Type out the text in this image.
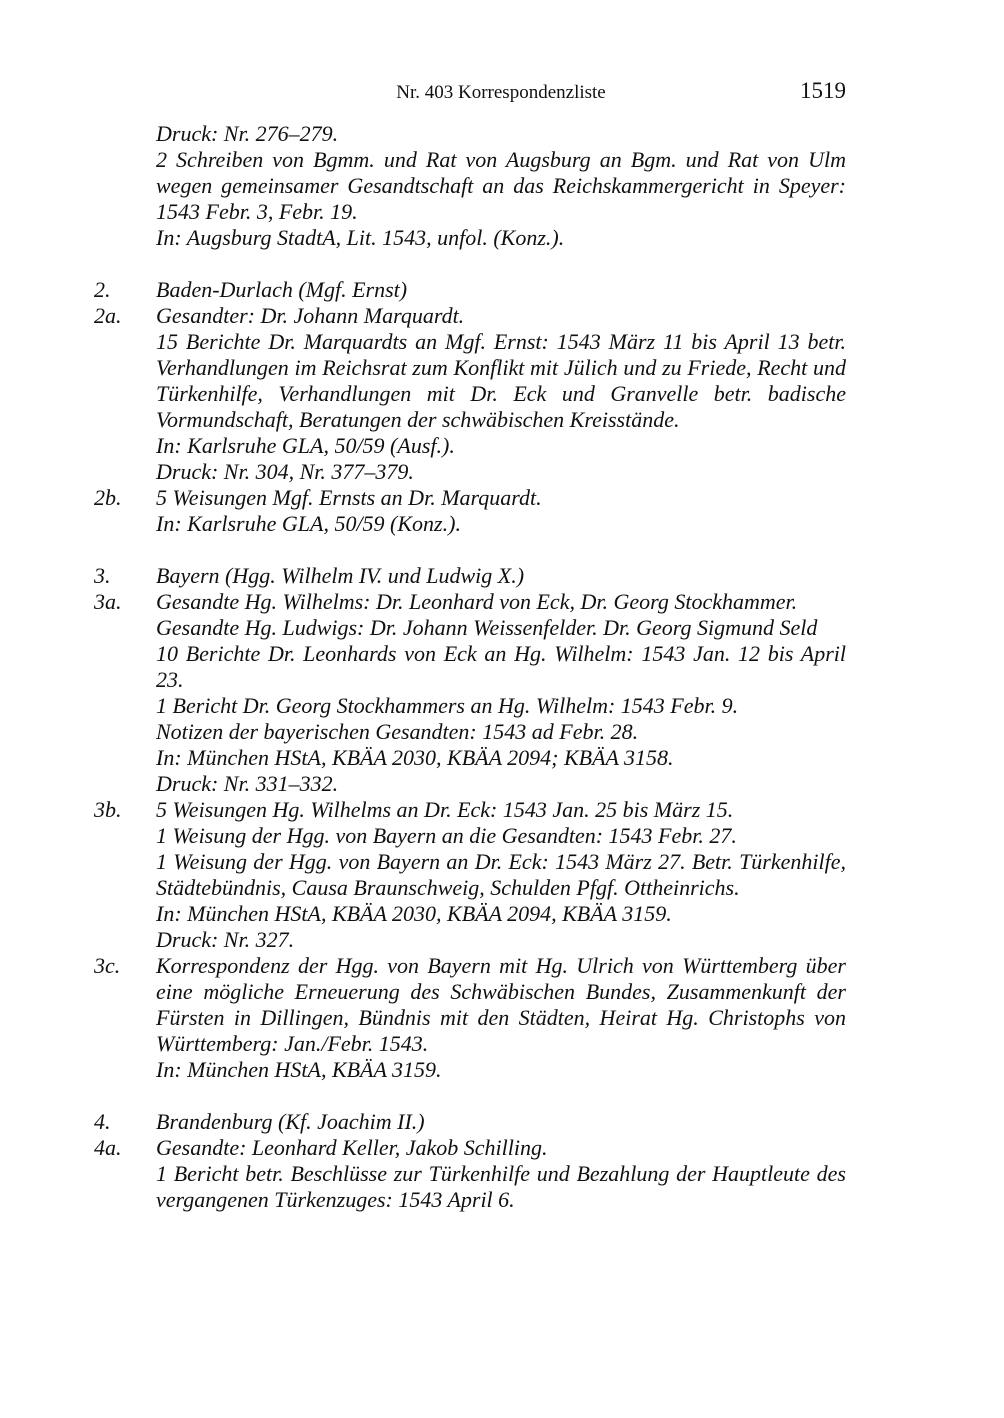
Nr. 403 Korrespondenzliste	1519
Druck: Nr. 276–279.
2 Schreiben von Bgmm. und Rat von Augsburg an Bgm. und Rat von Ulm wegen gemeinsamer Gesandtschaft an das Reichskammergericht in Speyer: 1543 Febr. 3, Febr. 19.
In: Augsburg StadtA, Lit. 1543, unfol. (Konz.).
2.	Baden-Durlach (Mgf. Ernst)
2a.	Gesandter: Dr. Johann Marquardt.
15 Berichte Dr. Marquardts an Mgf. Ernst: 1543 März 11 bis April 13 betr. Verhandlungen im Reichsrat zum Konflikt mit Jülich und zu Friede, Recht und Türkenhilfe, Verhandlungen mit Dr. Eck und Granvelle betr. badische Vormundschaft, Beratungen der schwäbischen Kreisstände.
In: Karlsruhe GLA, 50/59 (Ausf.).
Druck: Nr. 304, Nr. 377–379.
2b.	5 Weisungen Mgf. Ernsts an Dr. Marquardt.
In: Karlsruhe GLA, 50/59 (Konz.).
3.	Bayern (Hgg. Wilhelm IV. und Ludwig X.)
3a.	Gesandte Hg. Wilhelms: Dr. Leonhard von Eck, Dr. Georg Stockhammer.
Gesandte Hg. Ludwigs: Dr. Johann Weissenfelder. Dr. Georg Sigmund Seld
10 Berichte Dr. Leonhards von Eck an Hg. Wilhelm: 1543 Jan. 12 bis April 23.
1 Bericht Dr. Georg Stockhammers an Hg. Wilhelm: 1543 Febr. 9.
Notizen der bayerischen Gesandten: 1543 ad Febr. 28.
In: München HStA, KBÄA 2030, KBÄA 2094; KBÄA 3158.
Druck: Nr. 331–332.
3b.	5 Weisungen Hg. Wilhelms an Dr. Eck: 1543 Jan. 25 bis März 15.
1 Weisung der Hgg. von Bayern an die Gesandten: 1543 Febr. 27.
1 Weisung der Hgg. von Bayern an Dr. Eck: 1543 März 27. Betr. Türkenhilfe, Städtebündnis, Causa Braunschweig, Schulden Pfgf. Ottheinrichs.
In: München HStA, KBÄA 2030, KBÄA 2094, KBÄA 3159.
Druck: Nr. 327.
3c.	Korrespondenz der Hgg. von Bayern mit Hg. Ulrich von Württemberg über eine mögliche Erneuerung des Schwäbischen Bundes, Zusammenkunft der Fürsten in Dillingen, Bündnis mit den Städten, Heirat Hg. Christophs von Württemberg: Jan./Febr. 1543.
In: München HStA, KBÄA 3159.
4.	Brandenburg (Kf. Joachim II.)
4a.	Gesandte: Leonhard Keller, Jakob Schilling.
1 Bericht betr. Beschlüsse zur Türkenhilfe und Bezahlung der Hauptleute des vergangenen Türkenzuges: 1543 April 6.
